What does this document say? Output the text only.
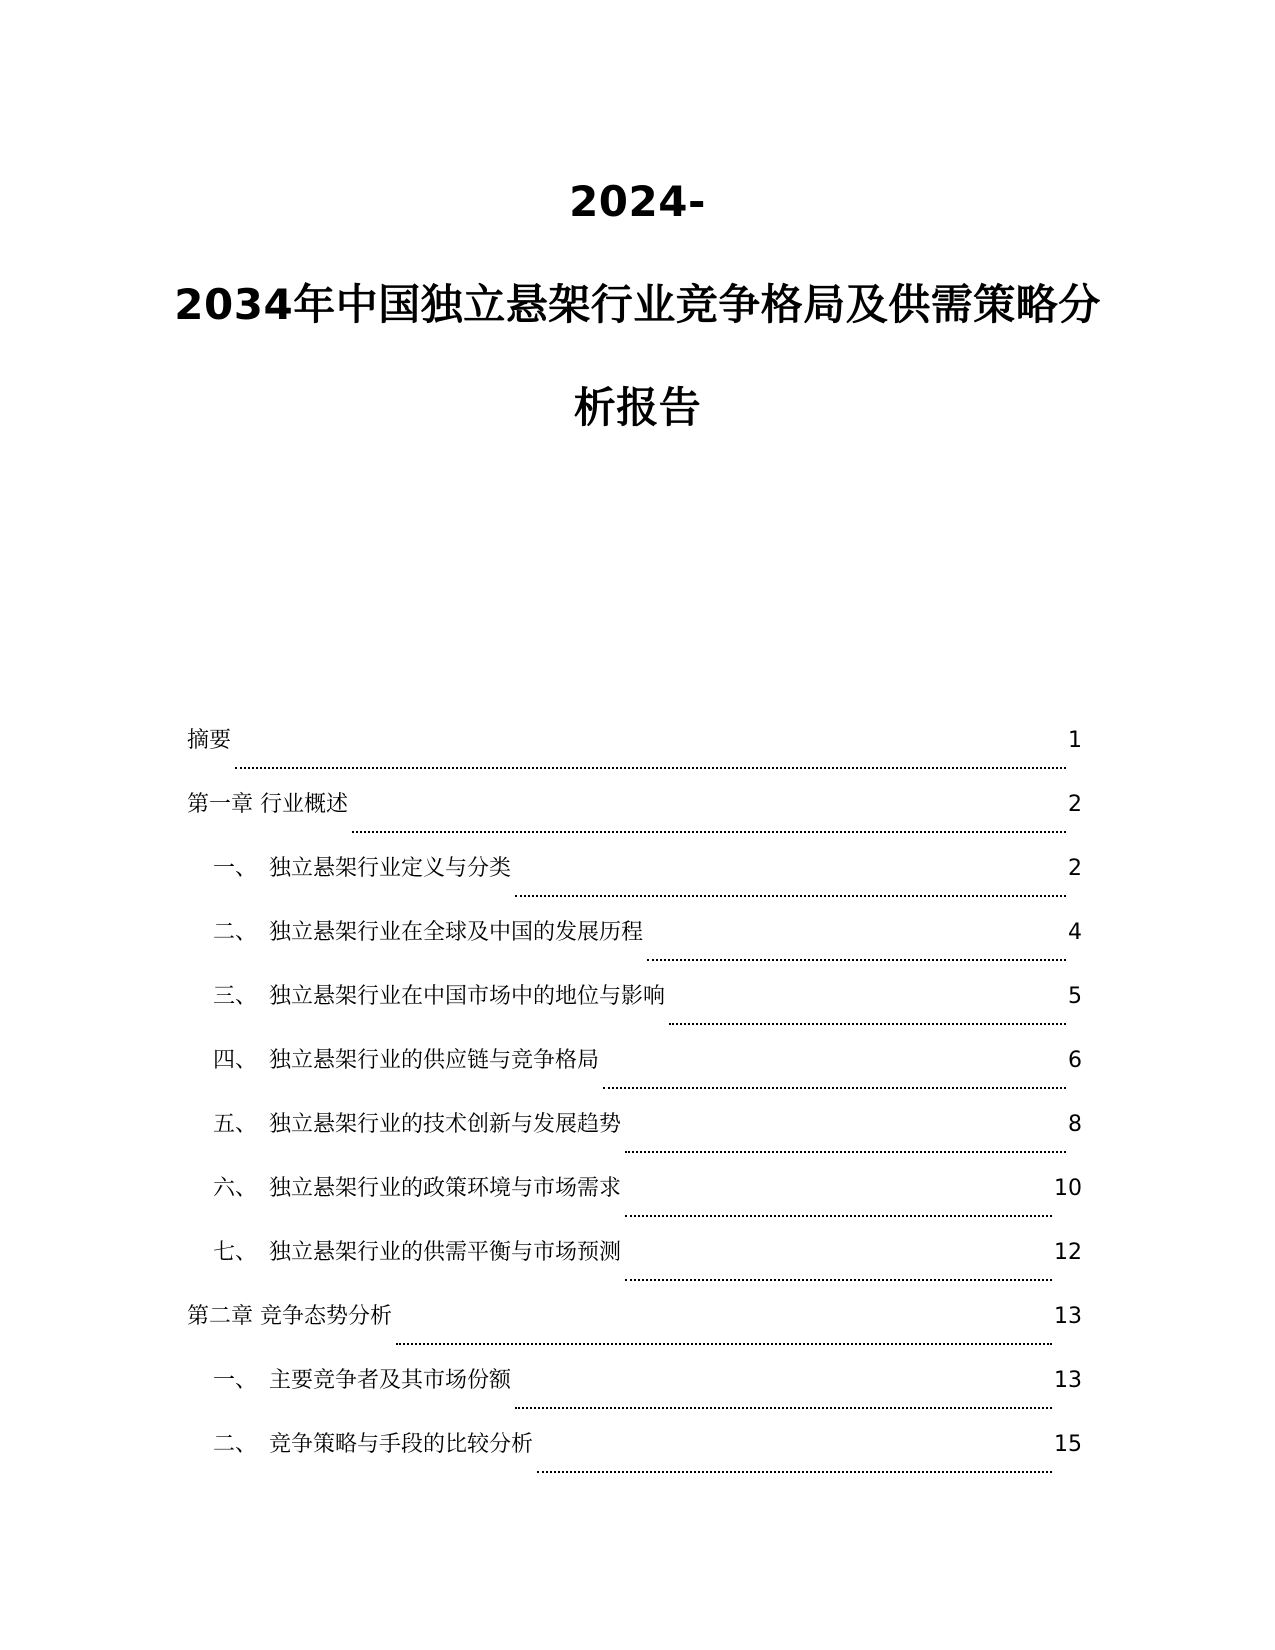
2024-
2034年中国独立悬架行业竞争格局及供需策略分
析报告
摘要	1
第一章 行业概述	2
一、 独立悬架行业定义与分类	2
二、 独立悬架行业在全球及中国的发展历程	4
三、 独立悬架行业在中国市场中的地位与影响	5
四、 独立悬架行业的供应链与竞争格局	6
五、 独立悬架行业的技术创新与发展趋势	8
六、 独立悬架行业的政策环境与市场需求	10
七、 独立悬架行业的供需平衡与市场预测	12
第二章 竞争态势分析	13
一、 主要竞争者及其市场份额	13
二、 竞争策略与手段的比较分析	15
